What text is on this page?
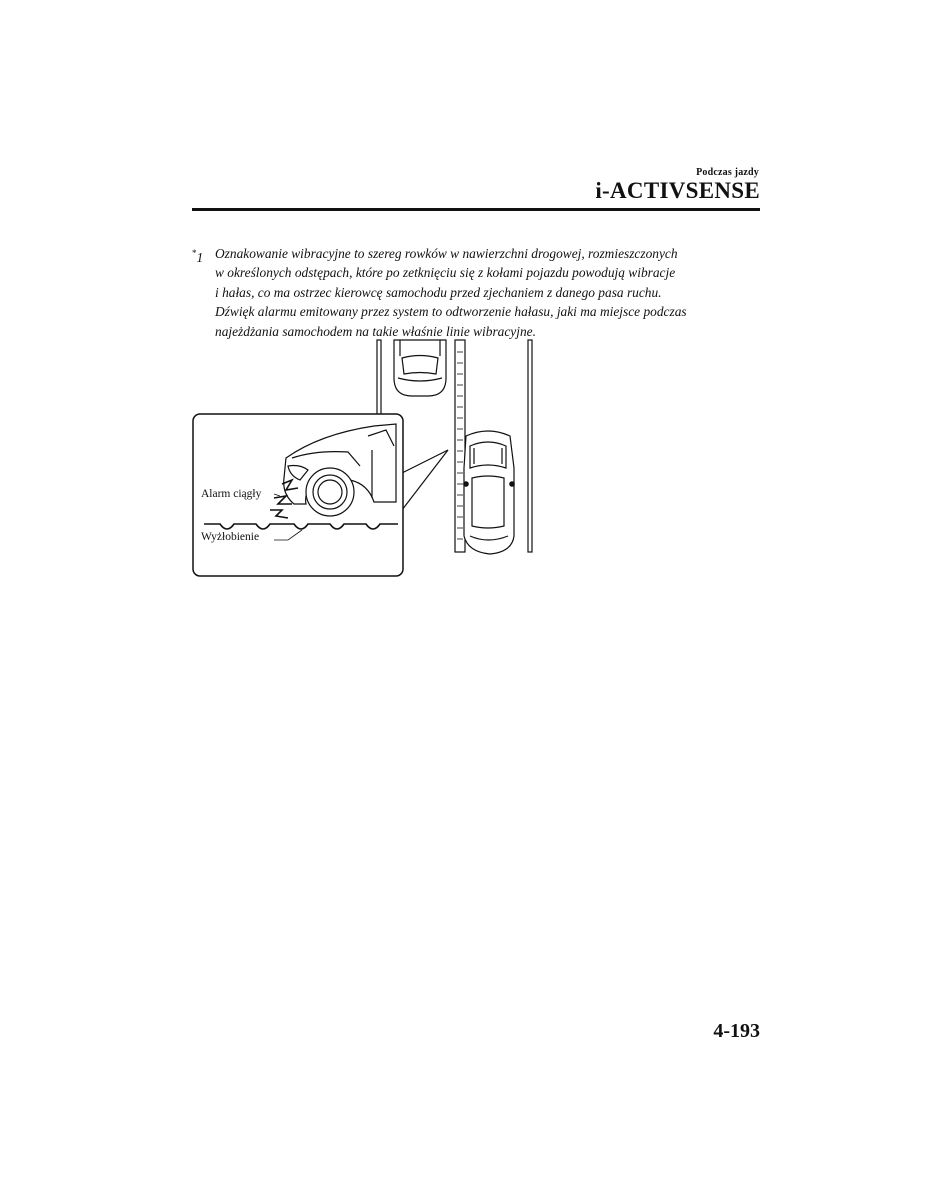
Podczas jazdy
i-ACTIVSENSE
*1 Oznakowanie wibracyjne to szereg rowków w nawierzchni drogowej, rozmieszczonych
w określonych odstępach, które po zetknięciu się z kołami pojazdu powodują wibracje
i hałas, co ma ostrzec kierowcę samochodu przed zjechaniem z danego pasa ruchu.
Dźwięk alarmu emitowany przez system to odtworzenie hałasu, jaki ma miejsce podczas
najeżdżania samochodem na takie właśnie linie wibracyjne.
Alarm ciągły
Wyżłobienie
4-193
